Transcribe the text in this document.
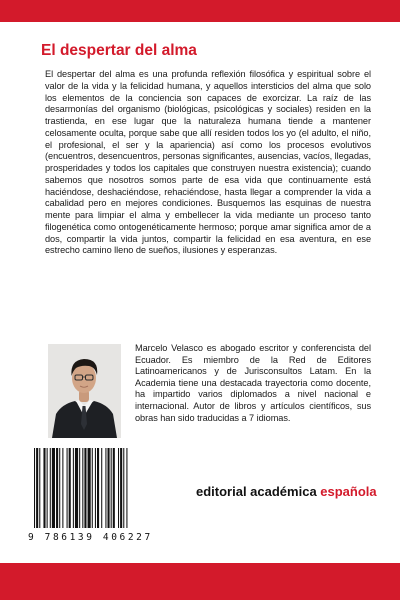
El despertar del alma

El despertar del alma es una profunda reflexión filosófica y espiritual sobre el valor de la vida y la felicidad humana, y aquellos intersticios del alma que solo los elementos de la conciencia son capaces de exorcizar. La raíz de las desarmonías del organismo (biológicas, psicológicas y sociales) residen en la trastienda, en ese lugar que la naturaleza humana tiende a mantener celosamente oculta, porque sabe que allí residen todos los yo (el adulto, el niño, el profesional, el ser y la apariencia) así como los procesos evolutivos (encuentros, desencuentros, personas significantes, ausencias, vacíos, llegadas, prosperidades y todos los capitales que construyen nuestra existencia); cuando sabemos que nosotros somos parte de esa vida que continuamente está haciéndose, deshaciéndose, rehaciéndose, hasta llegar a comprender la vida a cabalidad pero en mejores condiciones. Busquemos las esquinas de nuestra mente para limpiar el alma y embellecer la vida mediante un proceso tanto filogenética como ontogenéticamente hermoso; porque amar significa amor de a dos, compartir la vida juntos, compartir la felicidad en esa aventura, en ese estrecho camino lleno de sueños, ilusiones y esperanzas.

Marcelo Velasco es abogado escritor y conferencista del Ecuador. Es miembro de la Red de Editores Latinoamericanos y de Jurisconsultos Latam. En la Academia tiene una destacada trayectoria como docente, ha impartido varios diplomados a nivel nacional e internacional. Autor de libros y artículos científicos, sus obras han sido traducidas a 7 idiomas.

9 786139 406227
editorial académica española
